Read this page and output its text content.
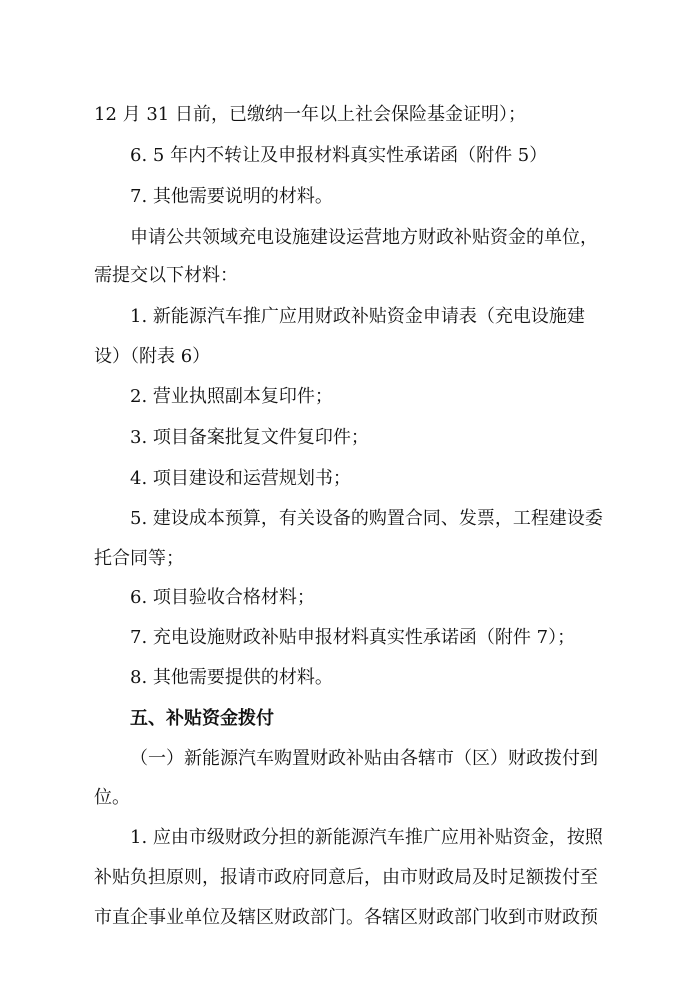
12 月 31 日前，已缴纳一年以上社会保险基金证明）；
6. 5 年内不转让及申报材料真实性承诺函（附件 5）
7. 其他需要说明的材料。
申请公共领域充电设施建设运营地方财政补贴资金的单位，
需提交以下材料：
1. 新能源汽车推广应用财政补贴资金申请表（充电设施建
设）（附表 6）
2. 营业执照副本复印件；
3. 项目备案批复文件复印件；
4. 项目建设和运营规划书；
5. 建设成本预算，有关设备的购置合同、发票，工程建设委
托合同等；
6. 项目验收合格材料；
7. 充电设施财政补贴申报材料真实性承诺函（附件 7）；
8. 其他需要提供的材料。
五、补贴资金拨付
（一）新能源汽车购置财政补贴由各辖市（区）财政拨付到
位。
1. 应由市级财政分担的新能源汽车推广应用补贴资金，按照
补贴负担原则，报请市政府同意后，由市财政局及时足额拨付至
市直企事业单位及辖区财政部门。各辖区财政部门收到市财政预
